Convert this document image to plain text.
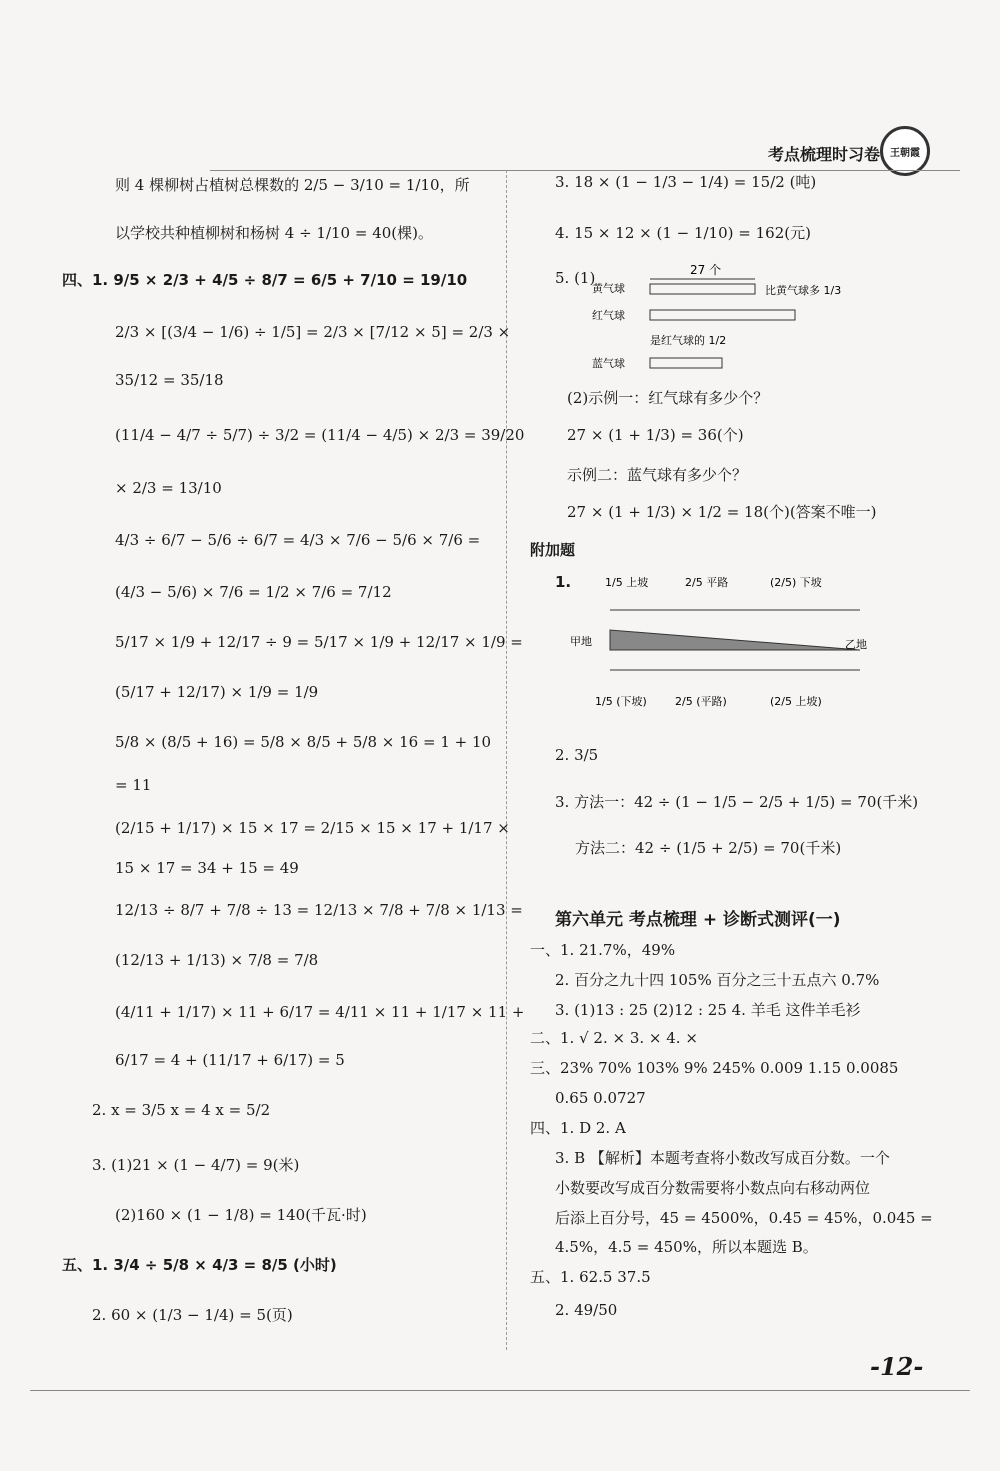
考点梳理时习卷	王朝霞
则 4 棵柳树占植树总棵数的 2/5 − 3/10 = 1/10，所
以学校共种植柳树和杨树 4 ÷ 1/10 = 40(棵)。
四、1. 9/5 × 2/3 + 4/5 ÷ 8/7 = 6/5 + 7/10 = 19/10
2/3 × [(3/4 − 1/6) ÷ 1/5] = 2/3 × [7/12 × 5] = 2/3 ×
35/12 = 35/18
(11/4 − 4/7 ÷ 5/7) ÷ 3/2 = (11/4 − 4/5) × 2/3 = 39/20
× 2/3 = 13/10
4/3 ÷ 6/7 − 5/6 ÷ 6/7 = 4/3 × 7/6 − 5/6 × 7/6 =
(4/3 − 5/6) × 7/6 = 1/2 × 7/6 = 7/12
5/17 × 1/9 + 12/17 ÷ 9 = 5/17 × 1/9 + 12/17 × 1/9 =
(5/17 + 12/17) × 1/9 = 1/9
5/8 × (8/5 + 16) = 5/8 × 8/5 + 5/8 × 16 = 1 + 10
= 11
(2/15 + 1/17) × 15 × 17 = 2/15 × 15 × 17 + 1/17 ×
15 × 17 = 34 + 15 = 49
12/13 ÷ 8/7 + 7/8 ÷ 13 = 12/13 × 7/8 + 7/8 × 1/13 =
(12/13 + 1/13) × 7/8 = 7/8
(4/11 + 1/17) × 11 + 6/17 = 4/11 × 11 + 1/17 × 11 +
6/17 = 4 + (11/17 + 6/17) = 5
2. x = 3/5 x = 4 x = 5/2
3. (1)21 × (1 − 4/7) = 9(米)
(2)160 × (1 − 1/8) = 140(千瓦·时)
五、1. 3/4 ÷ 5/8 × 4/3 = 8/5 (小时)
2. 60 × (1/3 − 1/4) = 5(页)
3. 18 × (1 − 1/3 − 1/4) = 15/2 (吨)
4. 15 × 12 × (1 − 1/10) = 162(元)
5. (1)	27 个
黄气球	比黄气球多 1/3
红气球
是红气球的 1/2
蓝气球
(2)示例一：红气球有多少个？
27 × (1 + 1/3) = 36(个)
示例二：蓝气球有多少个？
27 × (1 + 1/3) × 1/2 = 18(个)(答案不唯一)
附加题
1.	1/5 上坡	2/5 平路	(2/5) 下坡
甲地	乙地
1/5 (下坡)	2/5 (平路)	(2/5 上坡)
2. 3/5
3. 方法一：42 ÷ (1 − 1/5 − 2/5 + 1/5) = 70(千米)
方法二：42 ÷ (1/5 + 2/5) = 70(千米)
第六单元 考点梳理 + 诊断式测评(一)
一、1. 21.7%，49%
2. 百分之九十四 105% 百分之三十五点六 0.7%
3. (1)13 : 25 (2)12 : 25 4. 羊毛 这件羊毛衫
二、1. √ 2. × 3. × 4. ×
三、23% 70% 103% 9% 245% 0.009 1.15 0.0085
0.65 0.0727
四、1. D 2. A
3. B 【解析】本题考查将小数改写成百分数。一个
小数要改写成百分数需要将小数点向右移动两位
后添上百分号，45 = 4500%，0.45 = 45%，0.045 =
4.5%，4.5 = 450%，所以本题选 B。
五、1. 62.5 37.5
2. 49/50
-12-
